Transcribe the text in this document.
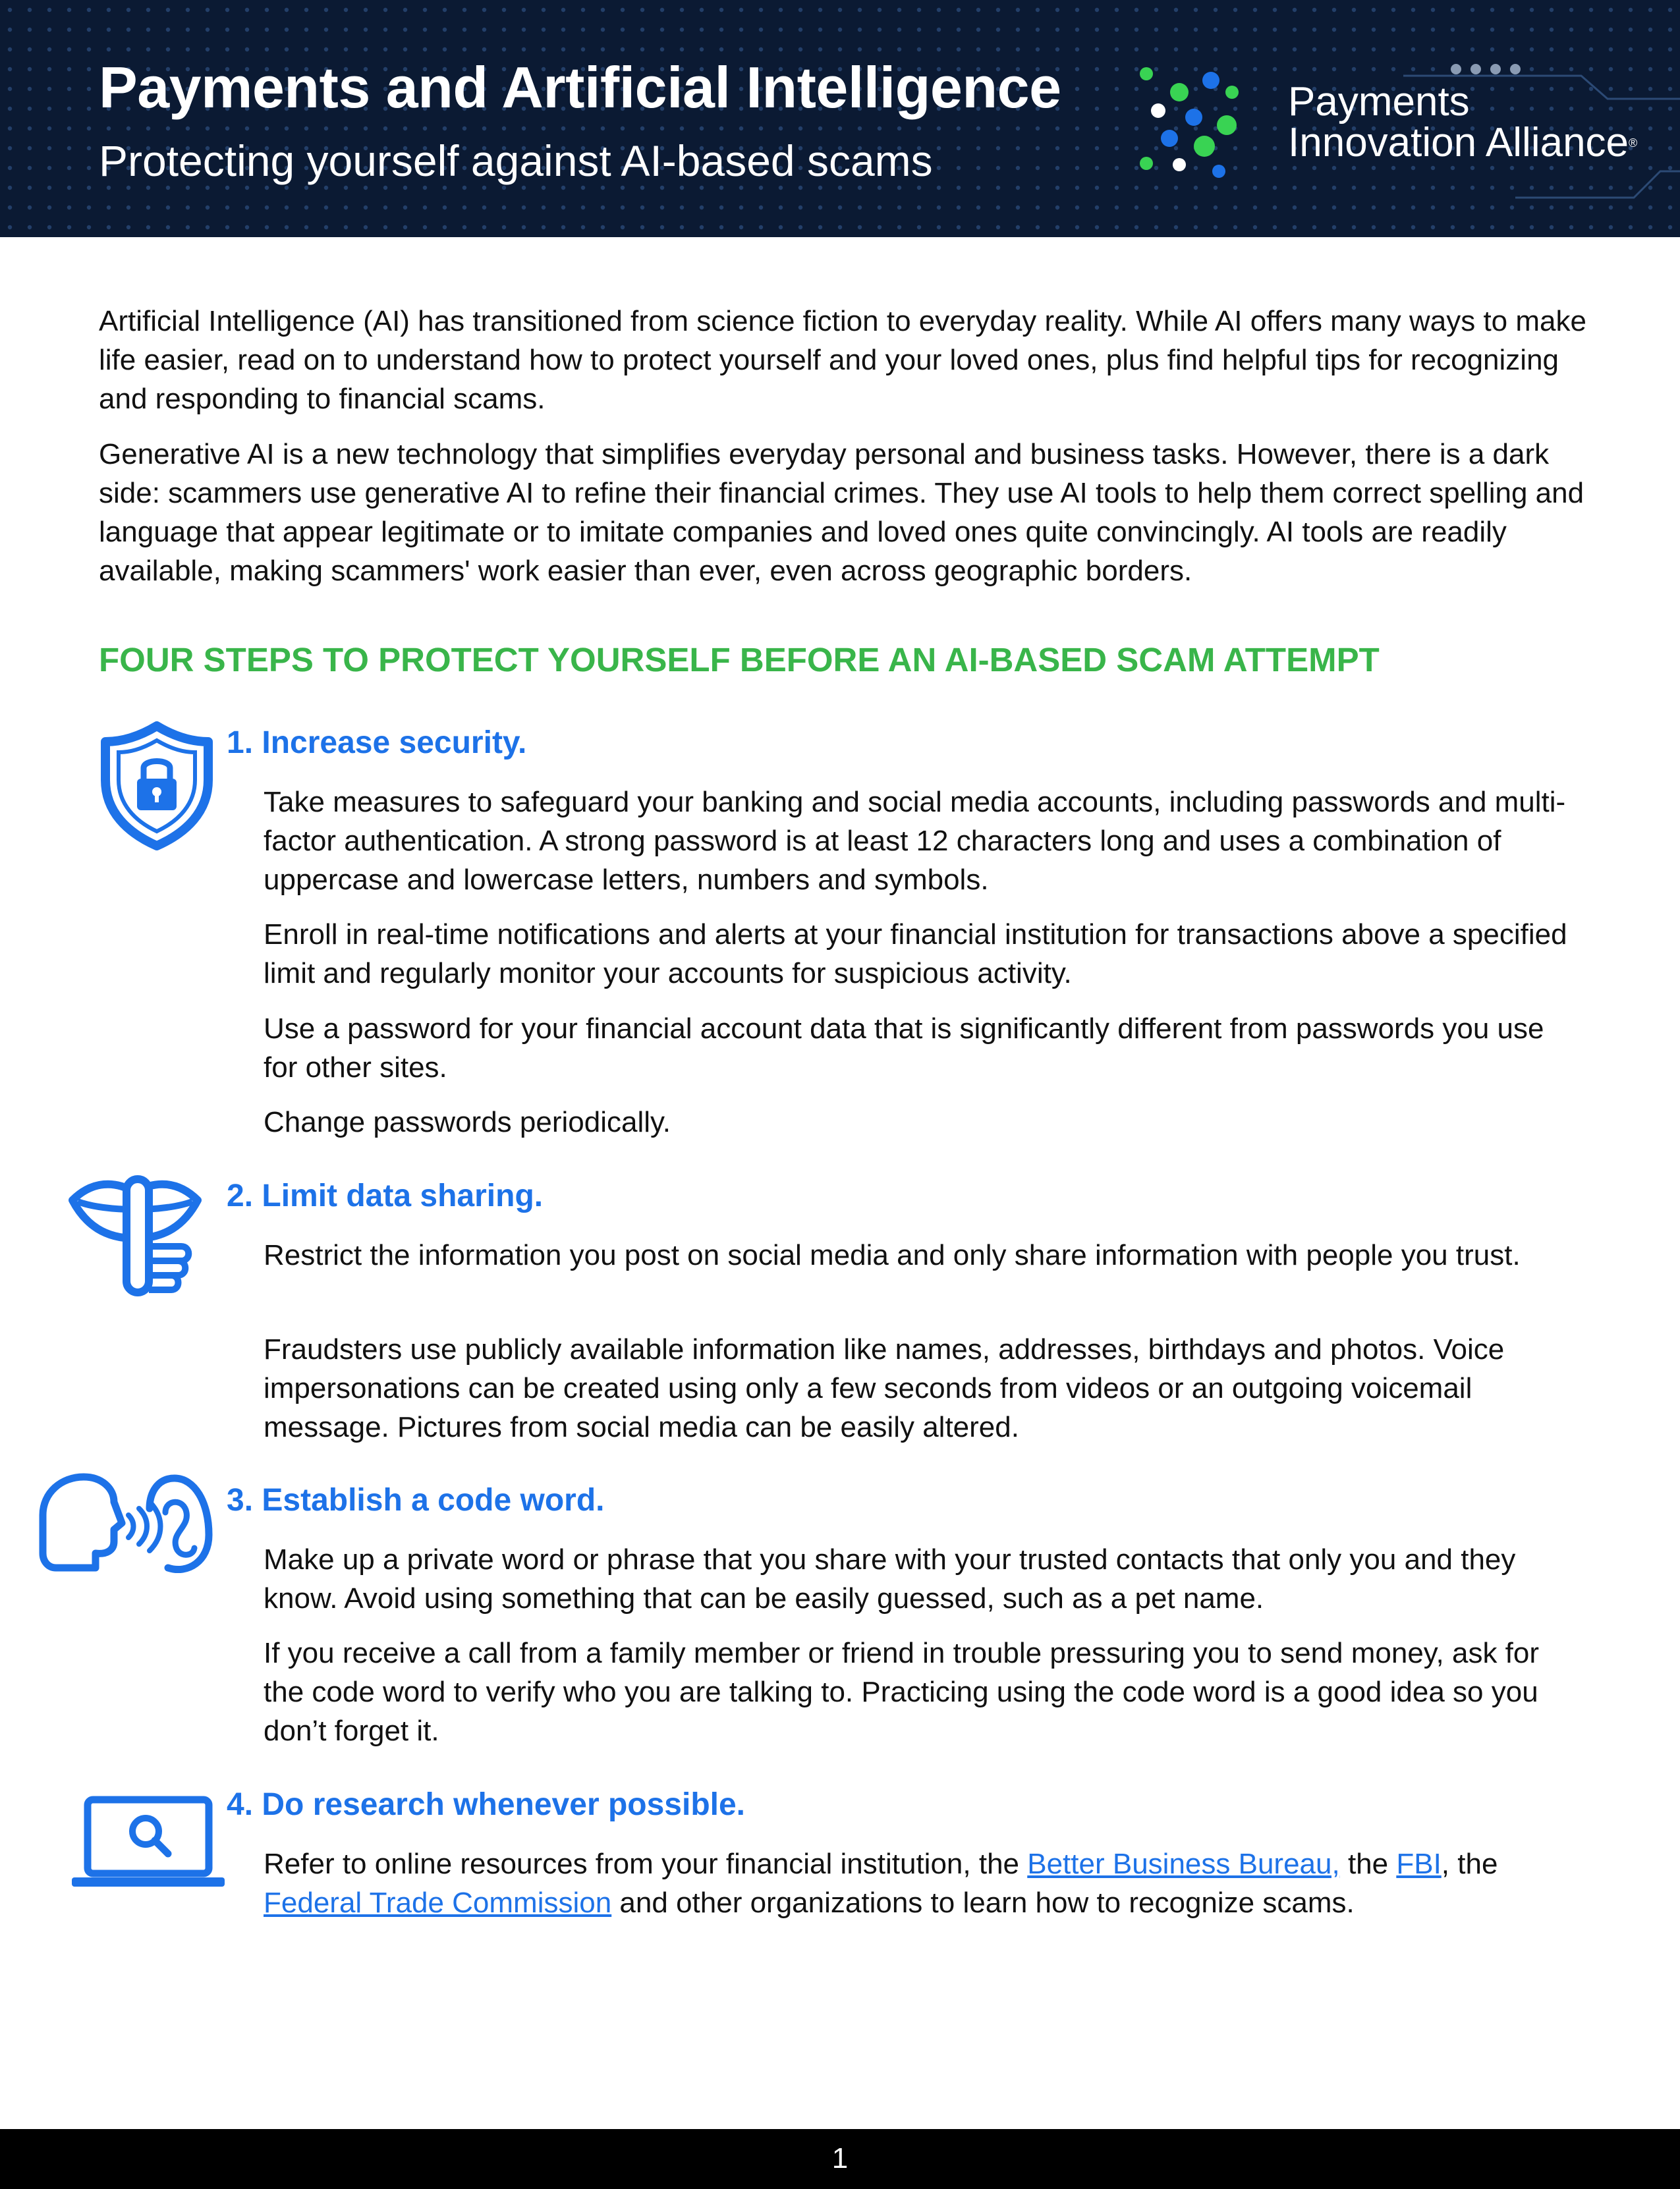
Payments and Artificial Intelligence

Protecting yourself against AI-based scams

Payments
Innovation Alliance®

Artificial Intelligence (AI) has transitioned from science fiction to everyday reality. While AI offers many ways to make life easier, read on to understand how to protect yourself and your loved ones, plus find helpful tips for recognizing and responding to financial scams.

Generative AI is a new technology that simplifies everyday personal and business tasks. However, there is a dark side: scammers use generative AI to refine their financial crimes. They use AI tools to help them correct spelling and language that appear legitimate or to imitate companies and loved ones quite convincingly. AI tools are readily available, making scammers' work easier than ever, even across geographic borders.

FOUR STEPS TO PROTECT YOURSELF BEFORE AN AI-BASED SCAM ATTEMPT
1. Increase security.

Take measures to safeguard your banking and social media accounts, including passwords and multi-factor authentication. A strong password is at least 12 characters long and uses a combination of uppercase and lowercase letters, numbers and symbols.

Enroll in real-time notifications and alerts at your financial institution for transactions above a specified limit and regularly monitor your accounts for suspicious activity.

Use a password for your financial account data that is significantly different from passwords you use for other sites.

Change passwords periodically.

2. Limit data sharing.

Restrict the information you post on social media and only share information with people you trust.

Fraudsters use publicly available information like names, addresses, birthdays and photos. Voice impersonations can be created using only a few seconds from videos or an outgoing voicemail message. Pictures from social media can be easily altered.

3. Establish a code word.

Make up a private word or phrase that you share with your trusted contacts that only you and they know. Avoid using something that can be easily guessed, such as a pet name.

If you receive a call from a family member or friend in trouble pressuring you to send money, ask for the code word to verify who you are talking to. Practicing using the code word is a good idea so you don’t forget it.

4. Do research whenever possible.

Refer to online resources from your financial institution, the Better Business Bureau, the FBI, the Federal Trade Commission and other organizations to learn how to recognize scams.

1
